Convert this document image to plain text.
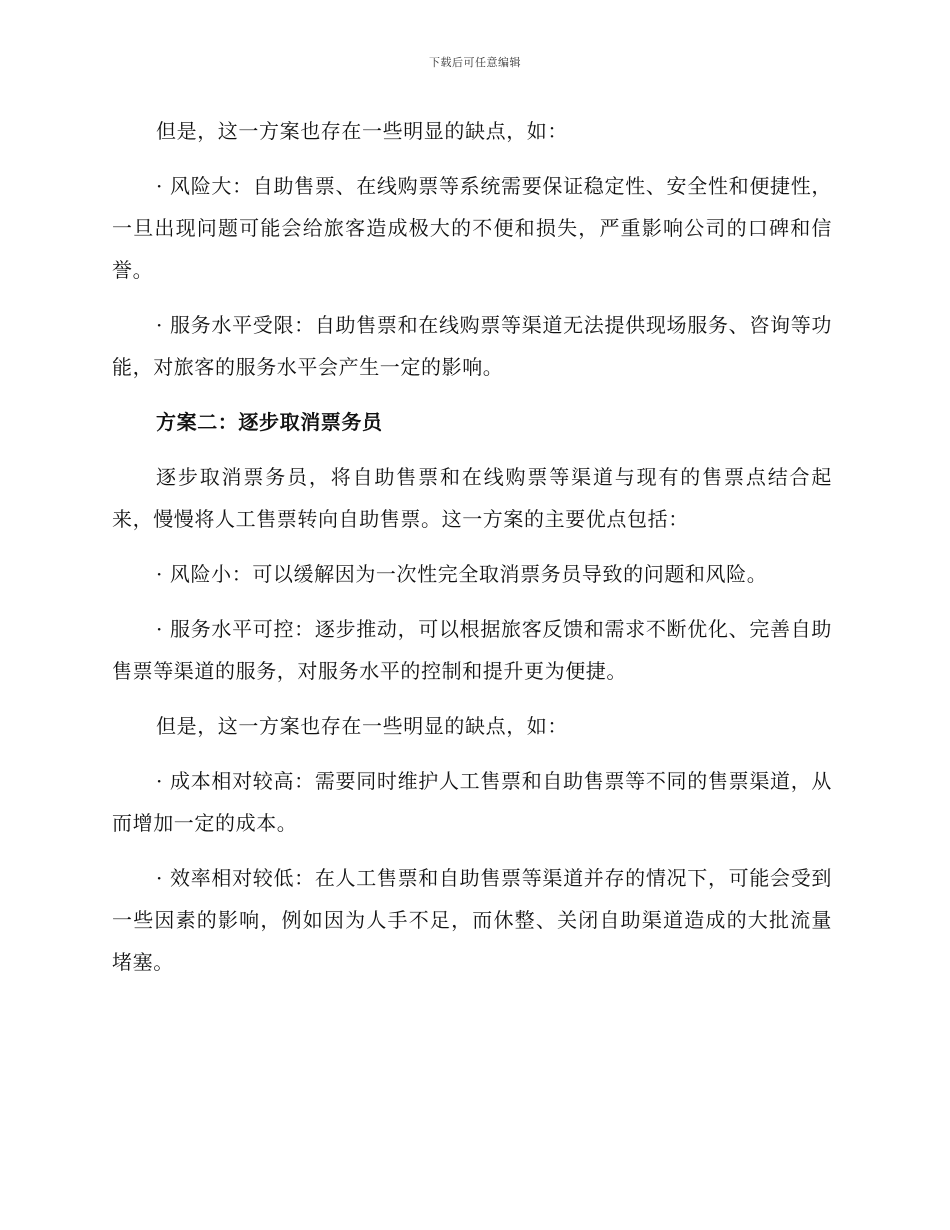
下载后可任意编辑

但是，这一方案也存在一些明显的缺点，如：

· 风险大：自助售票、在线购票等系统需要保证稳定性、安全性和便捷性，一旦出现问题可能会给旅客造成极大的不便和损失，严重影响公司的口碑和信誉。

· 服务水平受限：自助售票和在线购票等渠道无法提供现场服务、咨询等功能，对旅客的服务水平会产生一定的影响。

方案二：逐步取消票务员

逐步取消票务员，将自助售票和在线购票等渠道与现有的售票点结合起来，慢慢将人工售票转向自助售票。这一方案的主要优点包括：

· 风险小：可以缓解因为一次性完全取消票务员导致的问题和风险。

· 服务水平可控：逐步推动，可以根据旅客反馈和需求不断优化、完善自助售票等渠道的服务，对服务水平的控制和提升更为便捷。

但是，这一方案也存在一些明显的缺点，如：

· 成本相对较高：需要同时维护人工售票和自助售票等不同的售票渠道，从而增加一定的成本。

· 效率相对较低：在人工售票和自助售票等渠道并存的情况下，可能会受到一些因素的影响，例如因为人手不足，而休整、关闭自助渠道造成的大批流量堵塞。
